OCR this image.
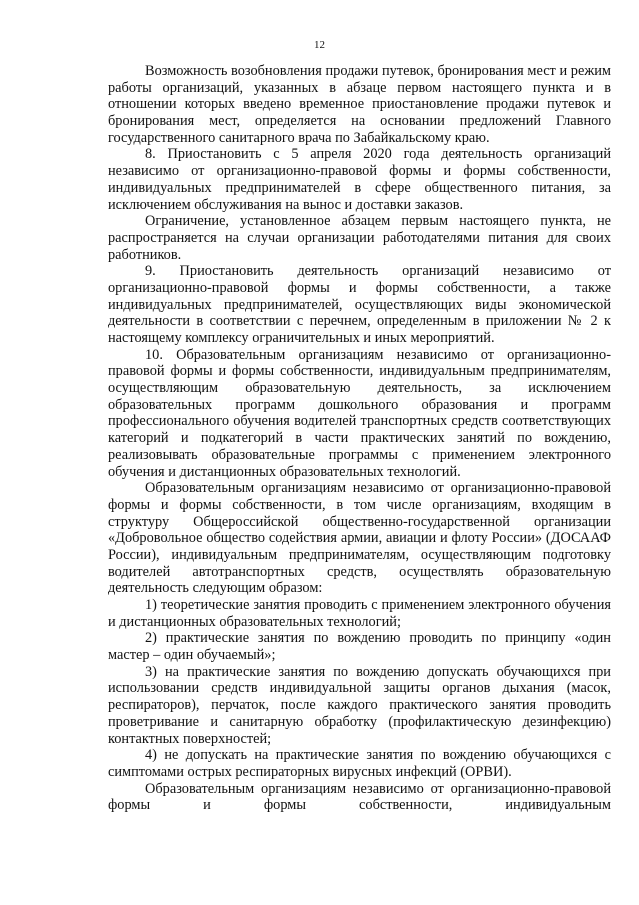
12

Возможность возобновления продажи путевок, бронирования мест и режим работы организаций, указанных в абзаце первом настоящего пункта и в отношении которых введено временное приостановление продажи путевок и бронирования мест, определяется на основании предложений Главного государственного санитарного врача по Забайкальскому краю.

8. Приостановить с 5 апреля 2020 года деятельность организаций независимо от организационно-правовой формы и формы собственности, индивидуальных предпринимателей в сфере общественного питания, за исключением обслуживания на вынос и доставки заказов.

Ограничение, установленное абзацем первым настоящего пункта, не распространяется на случаи организации работодателями питания для своих работников.

9. Приостановить деятельность организаций независимо от организационно-правовой формы и формы собственности, а также индивидуальных предпринимателей, осуществляющих виды экономической деятельности в соответствии с перечнем, определенным в приложении № 2 к настоящему комплексу ограничительных и иных мероприятий.

10. Образовательным организациям независимо от организационно-правовой формы и формы собственности, индивидуальным предпринимателям, осуществляющим образовательную деятельность, за исключением образовательных программ дошкольного образования и программ профессионального обучения водителей транспортных средств соответствующих категорий и подкатегорий в части практических занятий по вождению, реализовывать образовательные программы с применением электронного обучения и дистанционных образовательных технологий.

Образовательным организациям независимо от организационно-правовой формы и формы собственности, в том числе организациям, входящим в структуру Общероссийской общественно-государственной организации «Добровольное общество содействия армии, авиации и флоту России» (ДОСААФ России), индивидуальным предпринимателям, осуществляющим подготовку водителей автотранспортных средств, осуществлять образовательную деятельность следующим образом:

1) теоретические занятия проводить с применением электронного обучения и дистанционных образовательных технологий;

2) практические занятия по вождению проводить по принципу «один мастер – один обучаемый»;

3) на практические занятия по вождению допускать обучающихся при использовании средств индивидуальной защиты органов дыхания (масок, респираторов), перчаток, после каждого практического занятия проводить проветривание и санитарную обработку (профилактическую дезинфекцию) контактных поверхностей;

4) не допускать на практические занятия по вождению обучающихся с симптомами острых респираторных вирусных инфекций (ОРВИ).

Образовательным организациям независимо от организационно-правовой формы и формы собственности, индивидуальным
